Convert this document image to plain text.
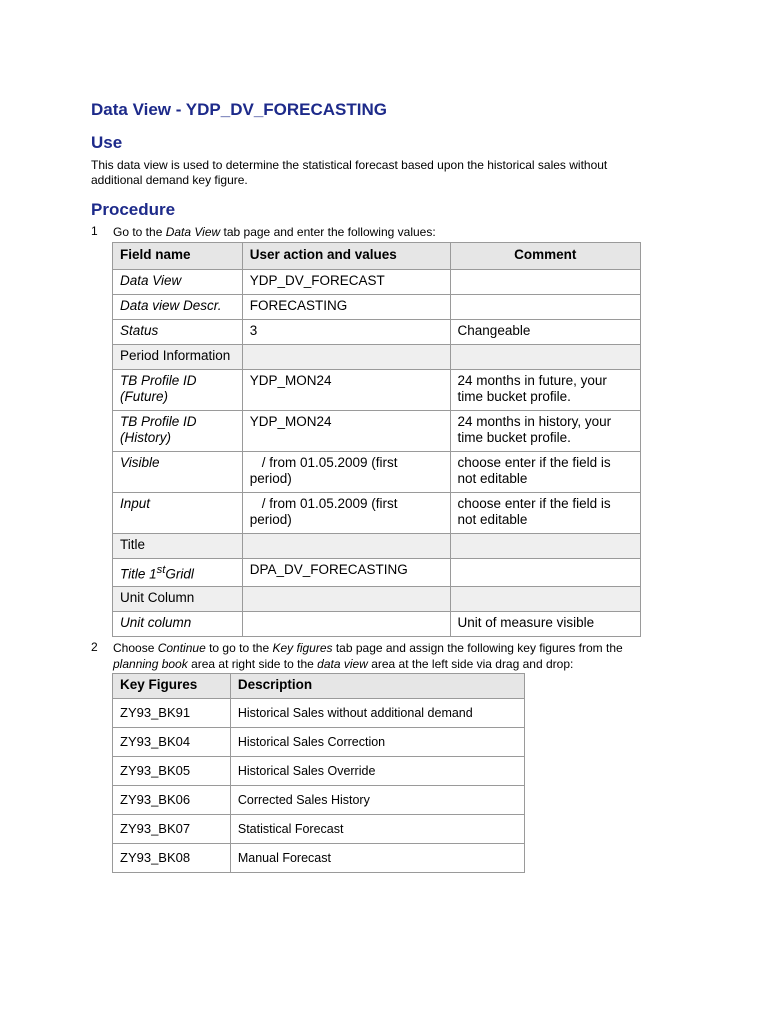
Data View - YDP_DV_FORECASTING
Use

This data view is used to determine the statistical forecast based upon the historical sales without additional demand key figure.

Procedure
1 Go to the Data View tab page and enter the following values:
Field name	User action and values	Comment
Data View	YDP_DV_FORECAST	
Data view Descr.	FORECASTING	
Status	3	Changeable
Period Information		
TB Profile ID (Future)	YDP_MON24	24 months in future, your time bucket profile.
TB Profile ID (History)	YDP_MON24	24 months in history, your time bucket profile.
Visible	/ from 01.05.2009 (first period)	choose enter if the field is not editable
Input	/ from 01.05.2009 (first period)	choose enter if the field is not editable
Title		
Title 1stGridl	DPA_DV_FORECASTING	
Unit Column		
Unit column		Unit of measure visible
2 Choose Continue to go to the Key figures tab page and assign the following key figures from the planning book area at right side to the data view area at the left side via drag and drop:
Key Figures	Description
ZY93_BK91	Historical Sales without additional demand
ZY93_BK04	Historical Sales Correction
ZY93_BK05	Historical Sales Override
ZY93_BK06	Corrected Sales History
ZY93_BK07	Statistical Forecast
ZY93_BK08	Manual Forecast
